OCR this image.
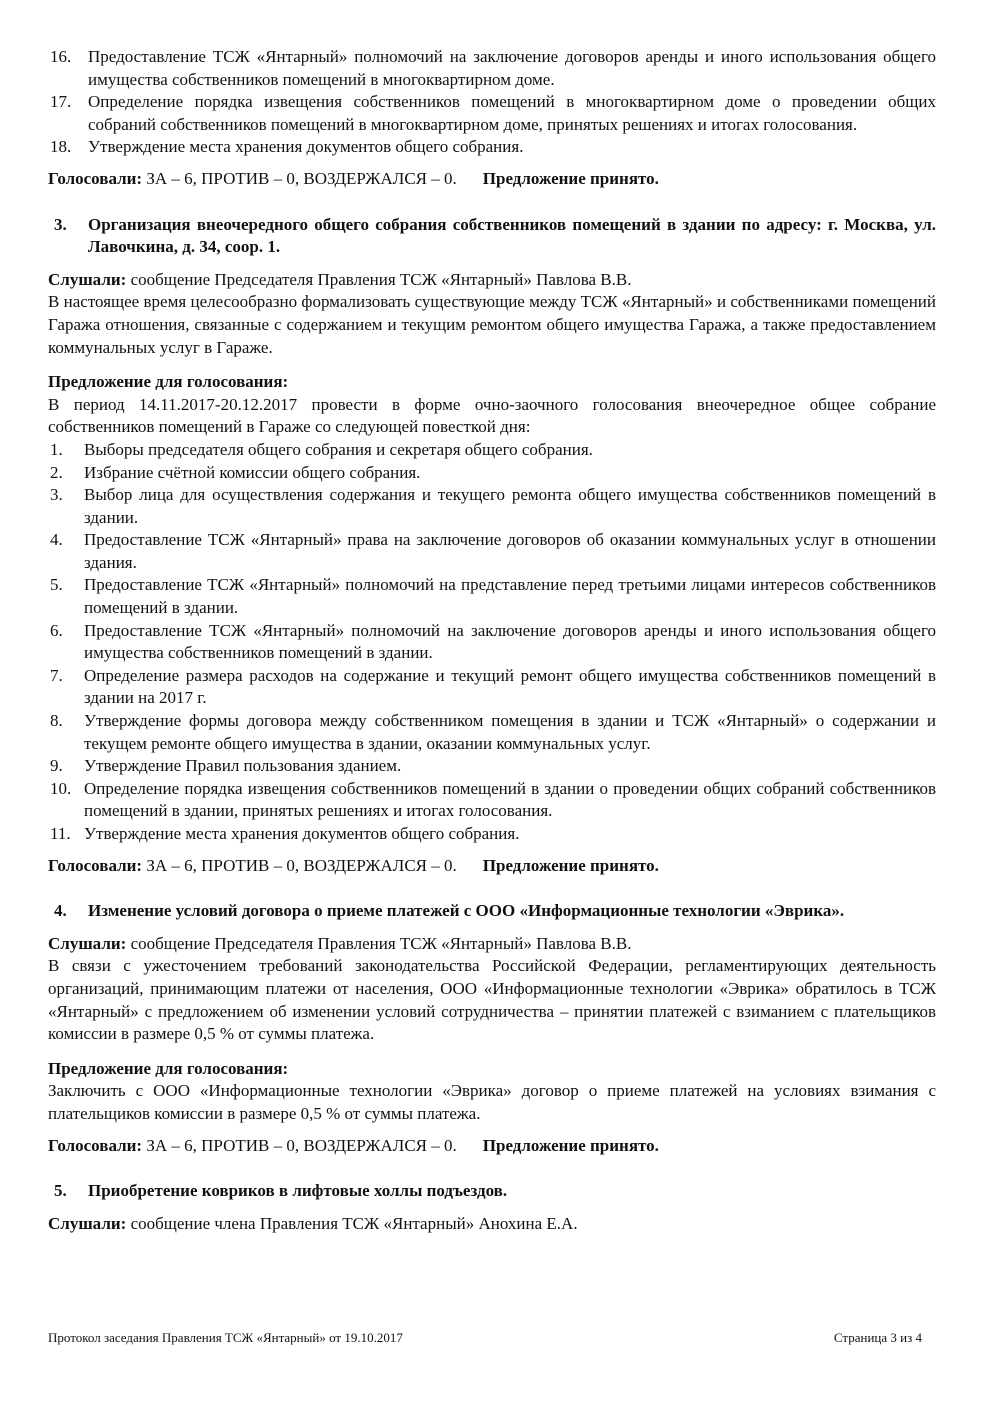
16. Предоставление ТСЖ «Янтарный» полномочий на заключение договоров аренды и иного использования общего имущества собственников помещений в многоквартирном доме.
17. Определение порядка извещения собственников помещений в многоквартирном доме о проведении общих собраний собственников помещений в многоквартирном доме, принятых решениях и итогах голосования.
18. Утверждение места хранения документов общего собрания.
Голосовали: ЗА – 6, ПРОТИВ – 0, ВОЗДЕРЖАЛСЯ – 0. Предложение принято.
3. Организация внеочередного общего собрания собственников помещений в здании по адресу: г. Москва, ул. Лавочкина, д. 34, соор. 1.
Слушали: сообщение Председателя Правления ТСЖ «Янтарный» Павлова В.В.
В настоящее время целесообразно формализовать существующие между ТСЖ «Янтарный» и собственниками помещений Гаража отношения, связанные с содержанием и текущим ремонтом общего имущества Гаража, а также предоставлением коммунальных услуг в Гараже.
Предложение для голосования:
В период 14.11.2017-20.12.2017 провести в форме очно-заочного голосования внеочередное общее собрание собственников помещений в Гараже со следующей повесткой дня:
1. Выборы председателя общего собрания и секретаря общего собрания.
2. Избрание счётной комиссии общего собрания.
3. Выбор лица для осуществления содержания и текущего ремонта общего имущества собственников помещений в здании.
4. Предоставление ТСЖ «Янтарный» права на заключение договоров об оказании коммунальных услуг в отношении здания.
5. Предоставление ТСЖ «Янтарный» полномочий на представление перед третьими лицами интересов собственников помещений в здании.
6. Предоставление ТСЖ «Янтарный» полномочий на заключение договоров аренды и иного использования общего имущества собственников помещений в здании.
7. Определение размера расходов на содержание и текущий ремонт общего имущества собственников помещений в здании на 2017 г.
8. Утверждение формы договора между собственником помещения в здании и ТСЖ «Янтарный» о содержании и текущем ремонте общего имущества в здании, оказании коммунальных услуг.
9. Утверждение Правил пользования зданием.
10. Определение порядка извещения собственников помещений в здании о проведении общих собраний собственников помещений в здании, принятых решениях и итогах голосования.
11. Утверждение места хранения документов общего собрания.
Голосовали: ЗА – 6, ПРОТИВ – 0, ВОЗДЕРЖАЛСЯ – 0. Предложение принято.
4. Изменение условий договора о приеме платежей с ООО «Информационные технологии «Эврика».
Слушали: сообщение Председателя Правления ТСЖ «Янтарный» Павлова В.В.
В связи с ужесточением требований законодательства Российской Федерации, регламентирующих деятельность организаций, принимающим платежи от населения, ООО «Информационные технологии «Эврика» обратилось в ТСЖ «Янтарный» с предложением об изменении условий сотрудничества – принятии платежей с взиманием с плательщиков комиссии в размере 0,5 % от суммы платежа.
Предложение для голосования:
Заключить с ООО «Информационные технологии «Эврика» договор о приеме платежей на условиях взимания с плательщиков комиссии в размере 0,5 % от суммы платежа.
Голосовали: ЗА – 6, ПРОТИВ – 0, ВОЗДЕРЖАЛСЯ – 0. Предложение принято.
5. Приобретение ковриков в лифтовые холлы подъездов.
Слушали: сообщение члена Правления ТСЖ «Янтарный» Анохина Е.А.
Протокол заседания Правления ТСЖ «Янтарный» от 19.10.2017	Страница 3 из 4
